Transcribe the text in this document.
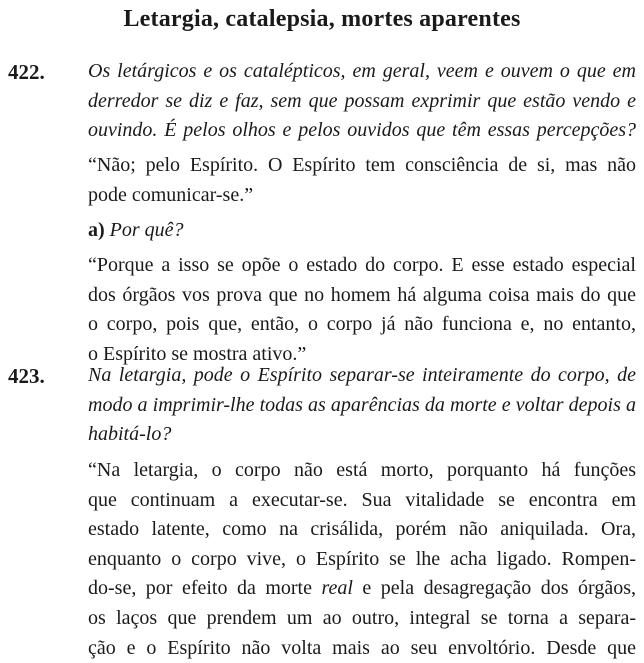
Letargia, catalepsia, mortes aparentes
422. Os letárgicos e os catalépticos, em geral, veem e ouvem o que em
derredor se diz e faz, sem que possam exprimir que estão vendo e
ouvindo. É pelos olhos e pelos ouvidos que têm essas percepções?
“Não; pelo Espírito. O Espírito tem consciência de si, mas não
pode comunicar-se.”
a) Por quê?
“Porque a isso se opõe o estado do corpo. E esse estado especial
dos órgãos vos prova que no homem há alguma coisa mais do que
o corpo, pois que, então, o corpo já não funciona e, no entanto,
o Espírito se mostra ativo.”
423. Na letargia, pode o Espírito separar-se inteiramente do corpo, de
modo a imprimir-lhe todas as aparências da morte e voltar depois a
habitá-lo?
“Na letargia, o corpo não está morto, porquanto há funções
que continuam a executar-se. Sua vitalidade se encontra em
estado latente, como na crisálida, porém não aniquilada. Ora,
enquanto o corpo vive, o Espírito se lhe acha ligado. Rompen-
do-se, por efeito da morte real e pela desagregação dos órgãos,
os laços que prendem um ao outro, integral se torna a separa-
ção e o Espírito não volta mais ao seu envoltório. Desde que
